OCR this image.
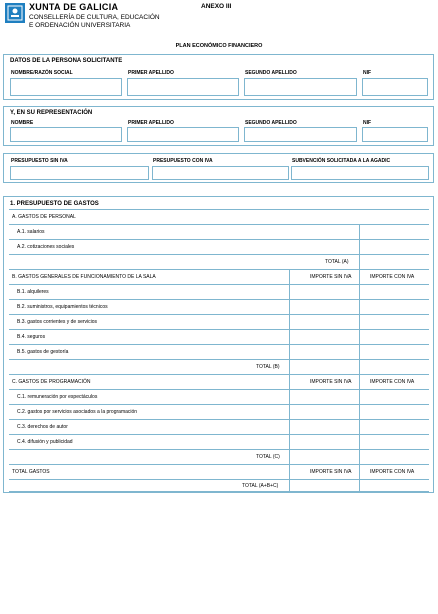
XUNTA DE GALICIA
CONSELLERÍA DE CULTURA, EDUCACIÓN
E ORDENACIÓN UNIVERSITARIA
ANEXO III
PLAN ECONÓMICO FINANCIERO
DATOS DE LA PERSONA SOLICITANTE
NOMBRE/RAZÓN SOCIAL	PRIMER APELLIDO	SEGUNDO APELLIDO	NIF
Y, EN SU REPRESENTACIÓN
NOMBRE	PRIMER APELLIDO	SEGUNDO APELLIDO	NIF
PRESUPUESTO SIN IVA	PRESUPUESTO CON IVA	SUBVENCIÓN SOLICITADA A LA AGADIC
1. PRESUPUESTO DE GASTOS
A. GASTOS DE PERSONAL
A.1. salarios
A.2. cotizaciones sociales
TOTAL (A)
B. GASTOS GENERALES DE FUNCIONAMIENTO DE LA SALA	IMPORTE SIN IVA	IMPORTE CON IVA
B.1. alquileres
B.2. suministros, equipamientos técnicos
B.3. gastos corrientes y de servicios
B.4. seguros
B.5. gastos de gestoría
TOTAL (B)
C. GASTOS DE PROGRAMACIÓN	IMPORTE SIN IVA	IMPORTE CON IVA
C.1. remuneración por espectáculos
C.2. gastos por servicios asociados a la programación
C.3. derechos de autor
C.4. difusión y publicidad
TOTAL (C)
TOTAL GASTOS	IMPORTE SIN IVA	IMPORTE CON IVA
TOTAL (A+B+C)
